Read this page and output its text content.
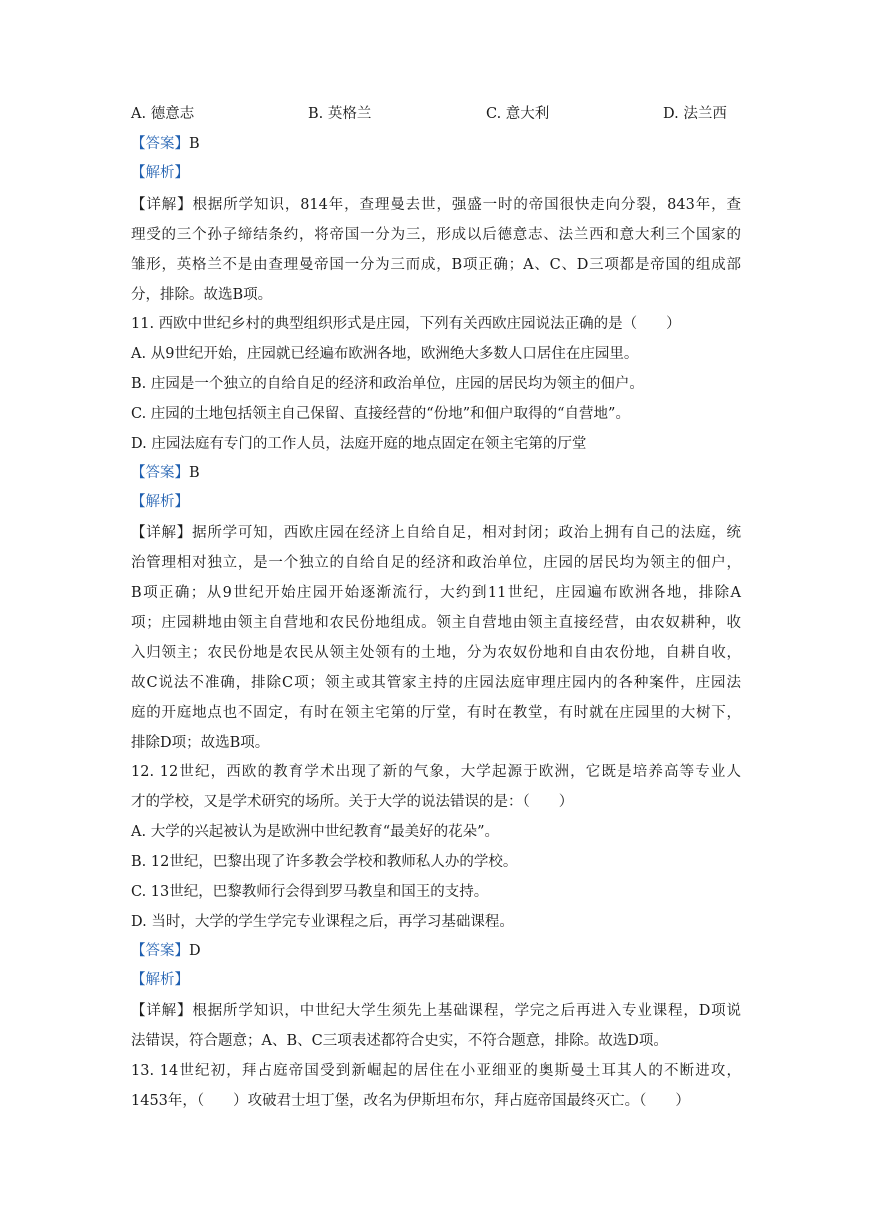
A. 德意志	B. 英格兰	C. 意大利	D. 法兰西
【答案】B
【解析】
【详解】根据所学知识，814年，查理曼去世，强盛一时的帝国很快走向分裂，843年，查
理受的三个孙子缔结条约，将帝国一分为三，形成以后德意志、法兰西和意大利三个国家的
雏形，英格兰不是由查理曼帝国一分为三而成，B项正确；A、C、D三项都是帝国的组成部
分，排除。故选B项。
11. 西欧中世纪乡村的典型组织形式是庄园，下列有关西欧庄园说法正确的是（　　）
A. 从9世纪开始，庄园就已经遍布欧洲各地，欧洲绝大多数人口居住在庄园里。
B. 庄园是一个独立的自给自足的经济和政治单位，庄园的居民均为领主的佃户。
C. 庄园的土地包括领主自己保留、直接经营的“份地”和佃户取得的“自营地”。
D. 庄园法庭有专门的工作人员，法庭开庭的地点固定在领主宅第的厅堂
【答案】B
【解析】
【详解】据所学可知，西欧庄园在经济上自给自足，相对封闭；政治上拥有自己的法庭，统
治管理相对独立，是一个独立的自给自足的经济和政治单位，庄园的居民均为领主的佃户，
B项正确；从9世纪开始庄园开始逐渐流行，大约到11世纪，庄园遍布欧洲各地，排除A
项；庄园耕地由领主自营地和农民份地组成。领主自营地由领主直接经营，由农奴耕种，收
入归领主；农民份地是农民从领主处领有的土地，分为农奴份地和自由农份地，自耕自收，
故C说法不准确，排除C项；领主或其管家主持的庄园法庭审理庄园内的各种案件，庄园法
庭的开庭地点也不固定，有时在领主宅第的厅堂，有时在教堂，有时就在庄园里的大树下，
排除D项；故选B项。
12. 12世纪，西欧的教育学术出现了新的气象，大学起源于欧洲，它既是培养高等专业人
才的学校，又是学术研究的场所。关于大学的说法错误的是：（　　）
A. 大学的兴起被认为是欧洲中世纪教育“最美好的花朵”。
B. 12世纪，巴黎出现了许多教会学校和教师私人办的学校。
C. 13世纪，巴黎教师行会得到罗马教皇和国王的支持。
D. 当时，大学的学生学完专业课程之后，再学习基础课程。
【答案】D
【解析】
【详解】根据所学知识，中世纪大学生须先上基础课程，学完之后再进入专业课程，D项说
法错误，符合题意；A、B、C三项表述都符合史实，不符合题意，排除。故选D项。
13. 14世纪初，拜占庭帝国受到新崛起的居住在小亚细亚的奥斯曼土耳其人的不断进攻，
1453年，（　　）攻破君士坦丁堡，改名为伊斯坦布尔，拜占庭帝国最终灭亡。（　　）
